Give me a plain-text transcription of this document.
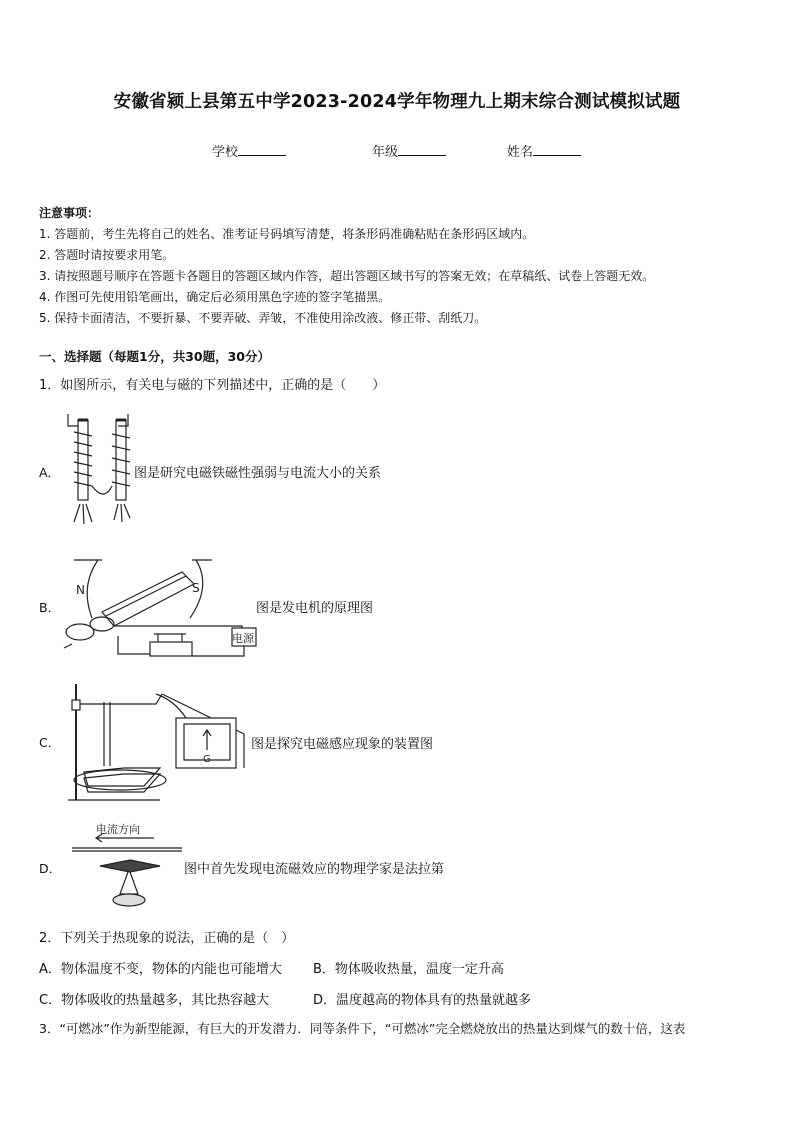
安徽省颍上县第五中学2023-2024学年物理九上期末综合测试模拟试题
学校	年级	姓名
注意事项：
1. 答题前，考生先将自己的姓名、准考证号码填写清楚，将条形码准确粘贴在条形码区域内。
2. 答题时请按要求用笔。
3. 请按照题号顺序在答题卡各题目的答题区域内作答，超出答题区域书写的答案无效；在草稿纸、试卷上答题无效。
4. 作图可先使用铅笔画出，确定后必须用黑色字迹的签字笔描黑。
5. 保持卡面清洁，不要折暴、不要弄破、弄皱，不准使用涂改液、修正带、刮纸刀。
一、选择题（每题1分，共30题，30分）
1．如图所示，有关电与磁的下列描述中，正确的是（　　）
A．	图是研究电磁铁磁性强弱与电流大小的关系
B．
N	S
电源
图是发电机的原理图
C．
G
图是探究电磁感应现象的装置图
D．
电流方向
图中首先发现电流磁效应的物理学家是法拉第
2．下列关于热现象的说法，正确的是（　）
A．物体温度不变，物体的内能也可能增大 B．物体吸收热量，温度一定升高
C．物体吸收的热量越多，其比热容越大	D．温度越高的物体具有的热量就越多
3．“可燃冰”作为新型能源，有巨大的开发潜力．同等条件下，“可燃冰”完全燃烧放出的热量达到煤气的数十倍，这表
